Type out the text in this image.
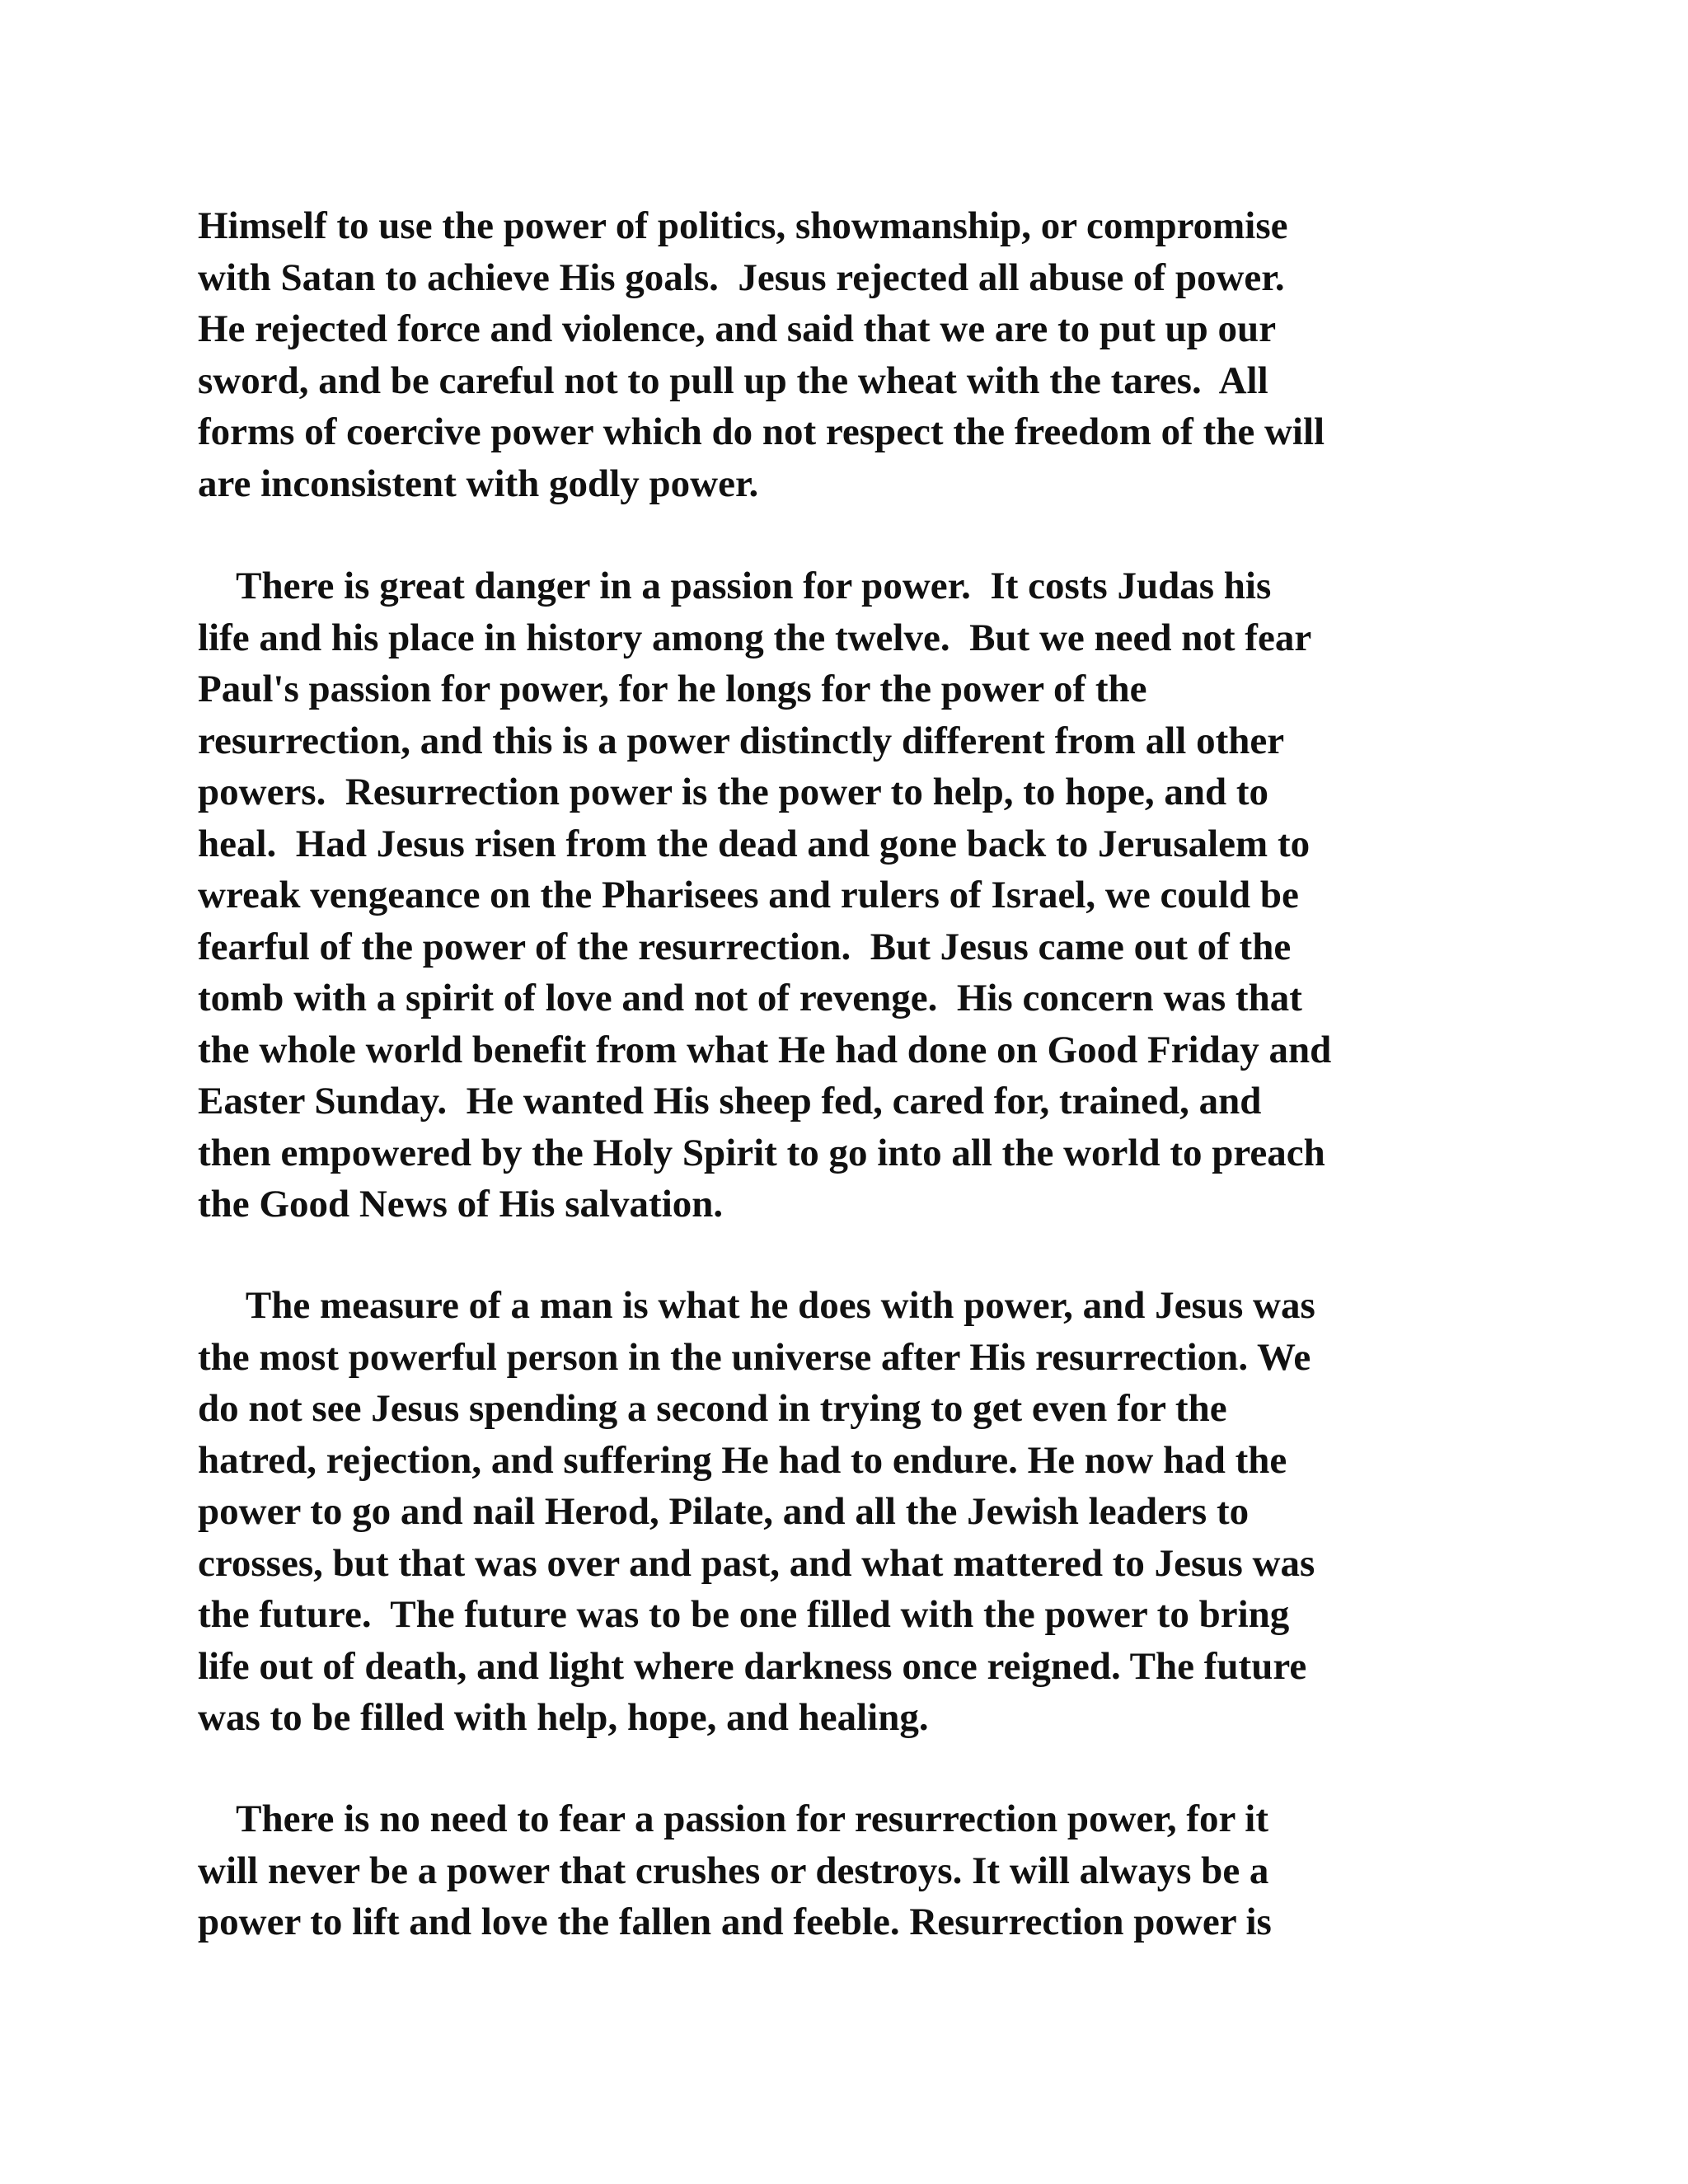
Himself to use the power of politics, showmanship, or compromise
with Satan to achieve His goals.  Jesus rejected all abuse of power.
He rejected force and violence, and said that we are to put up our
sword, and be careful not to pull up the wheat with the tares.  All
forms of coercive power which do not respect the freedom of the will
are inconsistent with godly power.
There is great danger in a passion for power.  It costs Judas his
life and his place in history among the twelve.  But we need not fear
Paul's passion for power, for he longs for the power of the
resurrection, and this is a power distinctly different from all other
powers.  Resurrection power is the power to help, to hope, and to
heal.  Had Jesus risen from the dead and gone back to Jerusalem to
wreak vengeance on the Pharisees and rulers of Israel, we could be
fearful of the power of the resurrection.  But Jesus came out of the
tomb with a spirit of love and not of revenge.  His concern was that
the whole world benefit from what He had done on Good Friday and
Easter Sunday.  He wanted His sheep fed, cared for, trained, and
then empowered by the Holy Spirit to go into all the world to preach
the Good News of His salvation.
The measure of a man is what he does with power, and Jesus was
the most powerful person in the universe after His resurrection. We
do not see Jesus spending a second in trying to get even for the
hatred, rejection, and suffering He had to endure. He now had the
power to go and nail Herod, Pilate, and all the Jewish leaders to
crosses, but that was over and past, and what mattered to Jesus was
the future.  The future was to be one filled with the power to bring
life out of death, and light where darkness once reigned. The future
was to be filled with help, hope, and healing.
There is no need to fear a passion for resurrection power, for it
will never be a power that crushes or destroys. It will always be a
power to lift and love the fallen and feeble. Resurrection power is
